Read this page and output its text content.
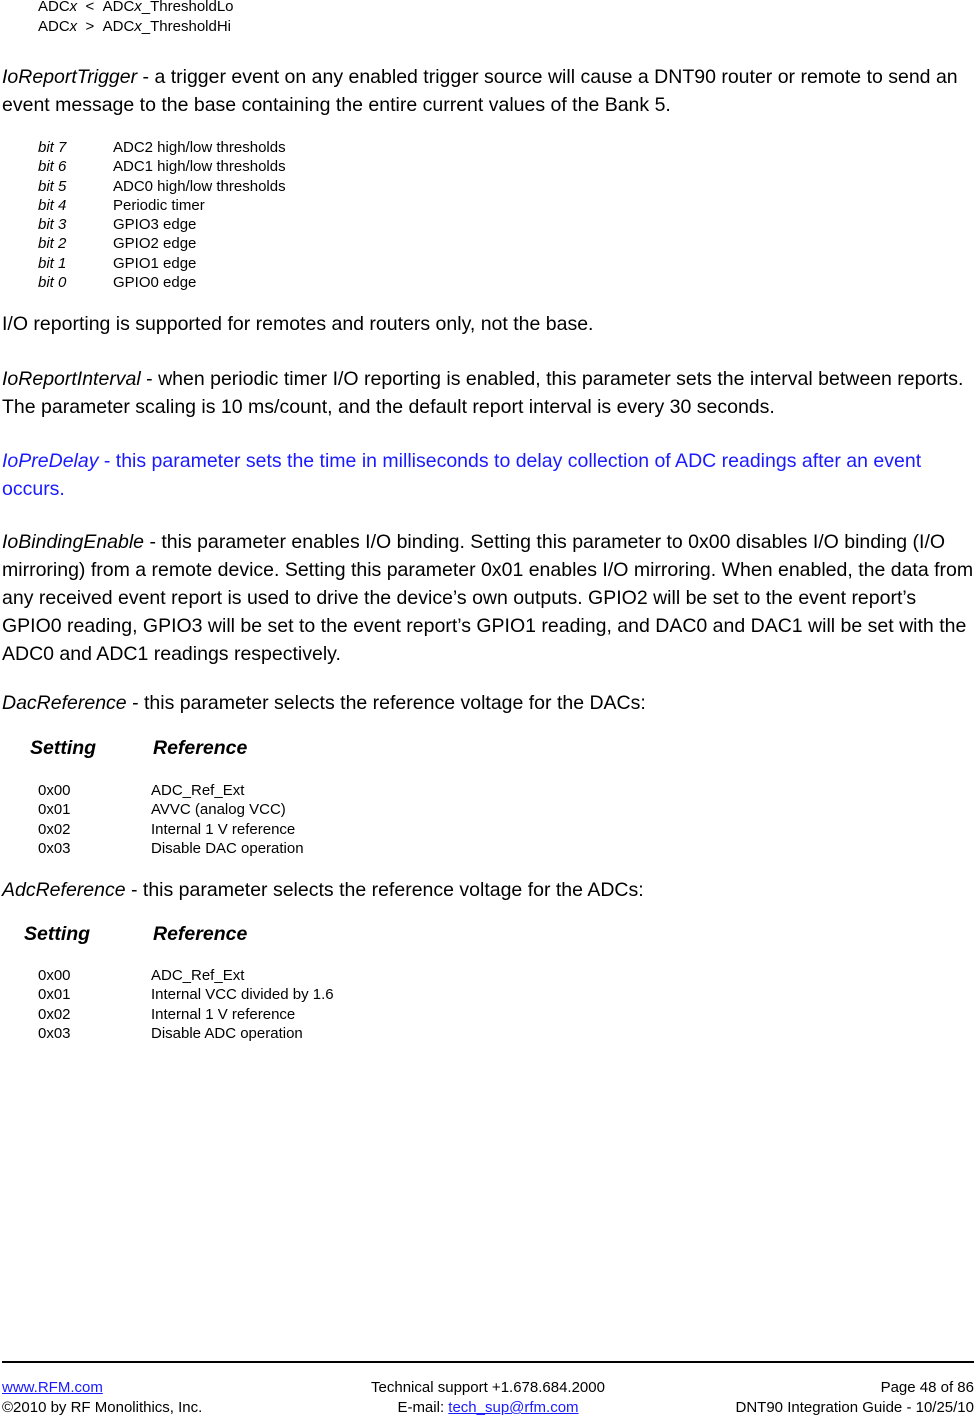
ADCx < ADCx_ThresholdLo
ADCx > ADCx_ThresholdHi
IoReportTrigger - a trigger event on any enabled trigger source will cause a DNT90 router or remote to send an event message to the base containing the entire current values of the Bank 5.
bit 7	ADC2 high/low thresholds
bit 6	ADC1 high/low thresholds
bit 5	ADC0 high/low thresholds
bit 4	Periodic timer
bit 3	GPIO3 edge
bit 2	GPIO2 edge
bit 1	GPIO1 edge
bit 0	GPIO0 edge
I/O reporting is supported for remotes and routers only, not the base.
IoReportInterval - when periodic timer I/O reporting is enabled, this parameter sets the interval between reports. The parameter scaling is 10 ms/count, and the default report interval is every 30 seconds.
IoPreDelay - this parameter sets the time in milliseconds to delay collection of ADC readings after an event occurs.
IoBindingEnable - this parameter enables I/O binding. Setting this parameter to 0x00 disables I/O binding (I/O mirroring) from a remote device. Setting this parameter 0x01 enables I/O mirroring. When enabled, the data from any received event report is used to drive the device’s own outputs. GPIO2 will be set to the event report’s GPIO0 reading, GPIO3 will be set to the event report’s GPIO1 reading, and DAC0 and DAC1 will be set with the ADC0 and ADC1 readings respectively.
DacReference - this parameter selects the reference voltage for the DACs:
Setting	Reference
0x00	ADC_Ref_Ext
0x01	AVVC (analog VCC)
0x02	Internal 1 V reference
0x03	Disable DAC operation
AdcReference - this parameter selects the reference voltage for the ADCs:
Setting	Reference
0x00	ADC_Ref_Ext
0x01	Internal VCC divided by 1.6
0x02	Internal 1 V reference
0x03	Disable ADC operation
www.RFM.com
©2010 by RF Monolithics, Inc.
Technical support +1.678.684.2000
E-mail: tech_sup@rfm.com
Page 48 of 86
DNT90 Integration Guide - 10/25/10
